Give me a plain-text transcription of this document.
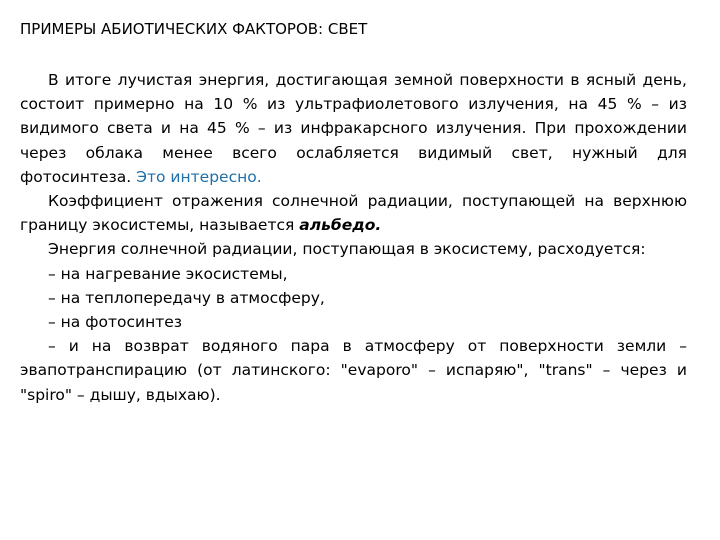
ПРИМЕРЫ АБИОТИЧЕСКИХ ФАКТОРОВ: СВЕТ

В итоге лучистая энергия, достигающая земной поверхности в ясный день, состоит примерно на 10 % из ультрафиолетового излучения, на 45 % – из видимого света и на 45 % – из инфракарсного излучения. При прохождении через облака менее всего ослабляется видимый свет, нужный для фотосинтеза. Это интересно.

Коэффициент отражения солнечной радиации, поступающей на верхнюю границу экосистемы, называется альбедо.

Энергия солнечной радиации, поступающая в экосистему, расходуется:

– на нагревание экосистемы,

– на теплопередачу в атмосферу,

– на фотосинтез

– и на возврат водяного пара в атмосферу от поверхности земли – эвапотранспирацию (от латинского: "evaporo" – испаряю", "trans" – через и "spiro" – дышу, вдыхаю).
